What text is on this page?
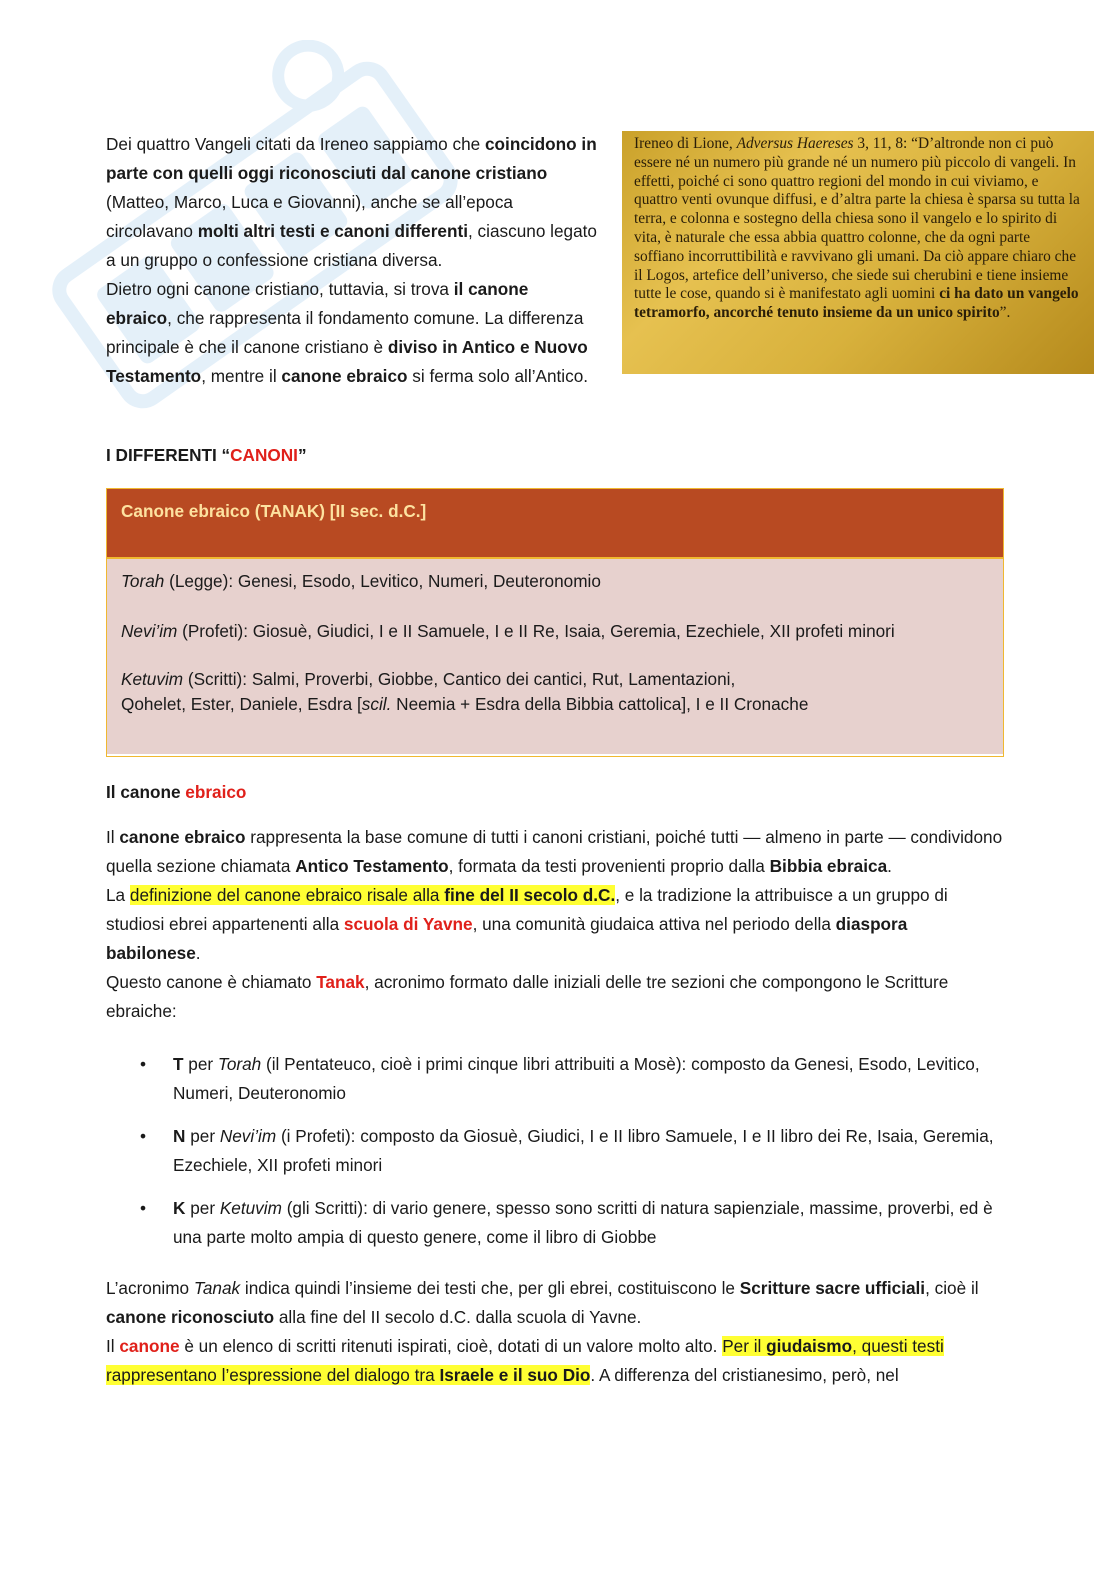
Ireneo di Lione, Adversus Haereses 3, 11, 8: “D’altronde non ci può essere né un numero più grande né un numero più piccolo di vangeli. In effetti, poiché ci sono quattro regioni del mondo in cui viviamo, e quattro venti ovunque diffusi, e d’altra parte la chiesa è sparsa su tutta la terra, e colonna e sostegno della chiesa sono il vangelo e lo spirito di vita, è naturale che essa abbia quattro colonne, che da ogni parte soffiano incorruttibilità e ravvivano gli umani. Da ciò appare chiaro che il Logos, artefice dell’universo, che siede sui cherubini e tiene insieme tutte le cose, quando si è manifestato agli uomini ci ha dato un vangelo tetramorfo, ancorché tenuto insieme da un unico spirito”.

Dei quattro Vangeli citati da Ireneo sappiamo che coincidono in parte con quelli oggi riconosciuti dal canone cristiano (Matteo, Marco, Luca e Giovanni), anche se all’epoca circolavano molti altri testi e canoni differenti, ciascuno legato a un gruppo o confessione cristiana diversa.

Dietro ogni canone cristiano, tuttavia, si trova il canone ebraico, che rappresenta il fondamento comune. La differenza principale è che il canone cristiano è diviso in Antico e Nuovo Testamento, mentre il canone ebraico si ferma solo all’Antico.

I DIFFERENTI “CANONI”
Canone ebraico (TANAK) [II sec. d.C.]
Torah (Legge): Genesi, Esodo, Levitico, Numeri, Deuteronomio
Nevi’im (Profeti): Giosuè, Giudici, I e II Samuele, I e II Re, Isaia, Geremia, Ezechiele, XII profeti minori
Ketuvim (Scritti): Salmi, Proverbi, Giobbe, Cantico dei cantici, Rut, Lamentazioni,
Qohelet, Ester, Daniele, Esdra [scil. Neemia + Esdra della Bibbia cattolica], I e II Cronache
Il canone ebraico

Il canone ebraico rappresenta la base comune di tutti i canoni cristiani, poiché tutti — almeno in parte — condividono quella sezione chiamata Antico Testamento, formata da testi provenienti proprio dalla Bibbia ebraica.

La definizione del canone ebraico risale alla fine del II secolo d.C., e la tradizione la attribuisce a un gruppo di studiosi ebrei appartenenti alla scuola di Yavne, una comunità giudaica attiva nel periodo della diaspora babilonese.

Questo canone è chiamato Tanak, acronimo formato dalle iniziali delle tre sezioni che compongono le Scritture ebraiche:

• T per Torah (il Pentateuco, cioè i primi cinque libri attribuiti a Mosè): composto da Genesi, Esodo, Levitico, Numeri, Deuteronomio
• N per Nevi’im (i Profeti): composto da Giosuè, Giudici, I e II libro Samuele, I e II libro dei Re, Isaia, Geremia, Ezechiele, XII profeti minori
• K per Ketuvim (gli Scritti): di vario genere, spesso sono scritti di natura sapienziale, massime, proverbi, ed è una parte molto ampia di questo genere, come il libro di Giobbe

L’acronimo Tanak indica quindi l’insieme dei testi che, per gli ebrei, costituiscono le Scritture sacre ufficiali, cioè il canone riconosciuto alla fine del II secolo d.C. dalla scuola di Yavne.

Il canone è un elenco di scritti ritenuti ispirati, cioè, dotati di un valore molto alto. Per il giudaismo, questi testi rappresentano l’espressione del dialogo tra Israele e il suo Dio. A differenza del cristianesimo, però, nel
